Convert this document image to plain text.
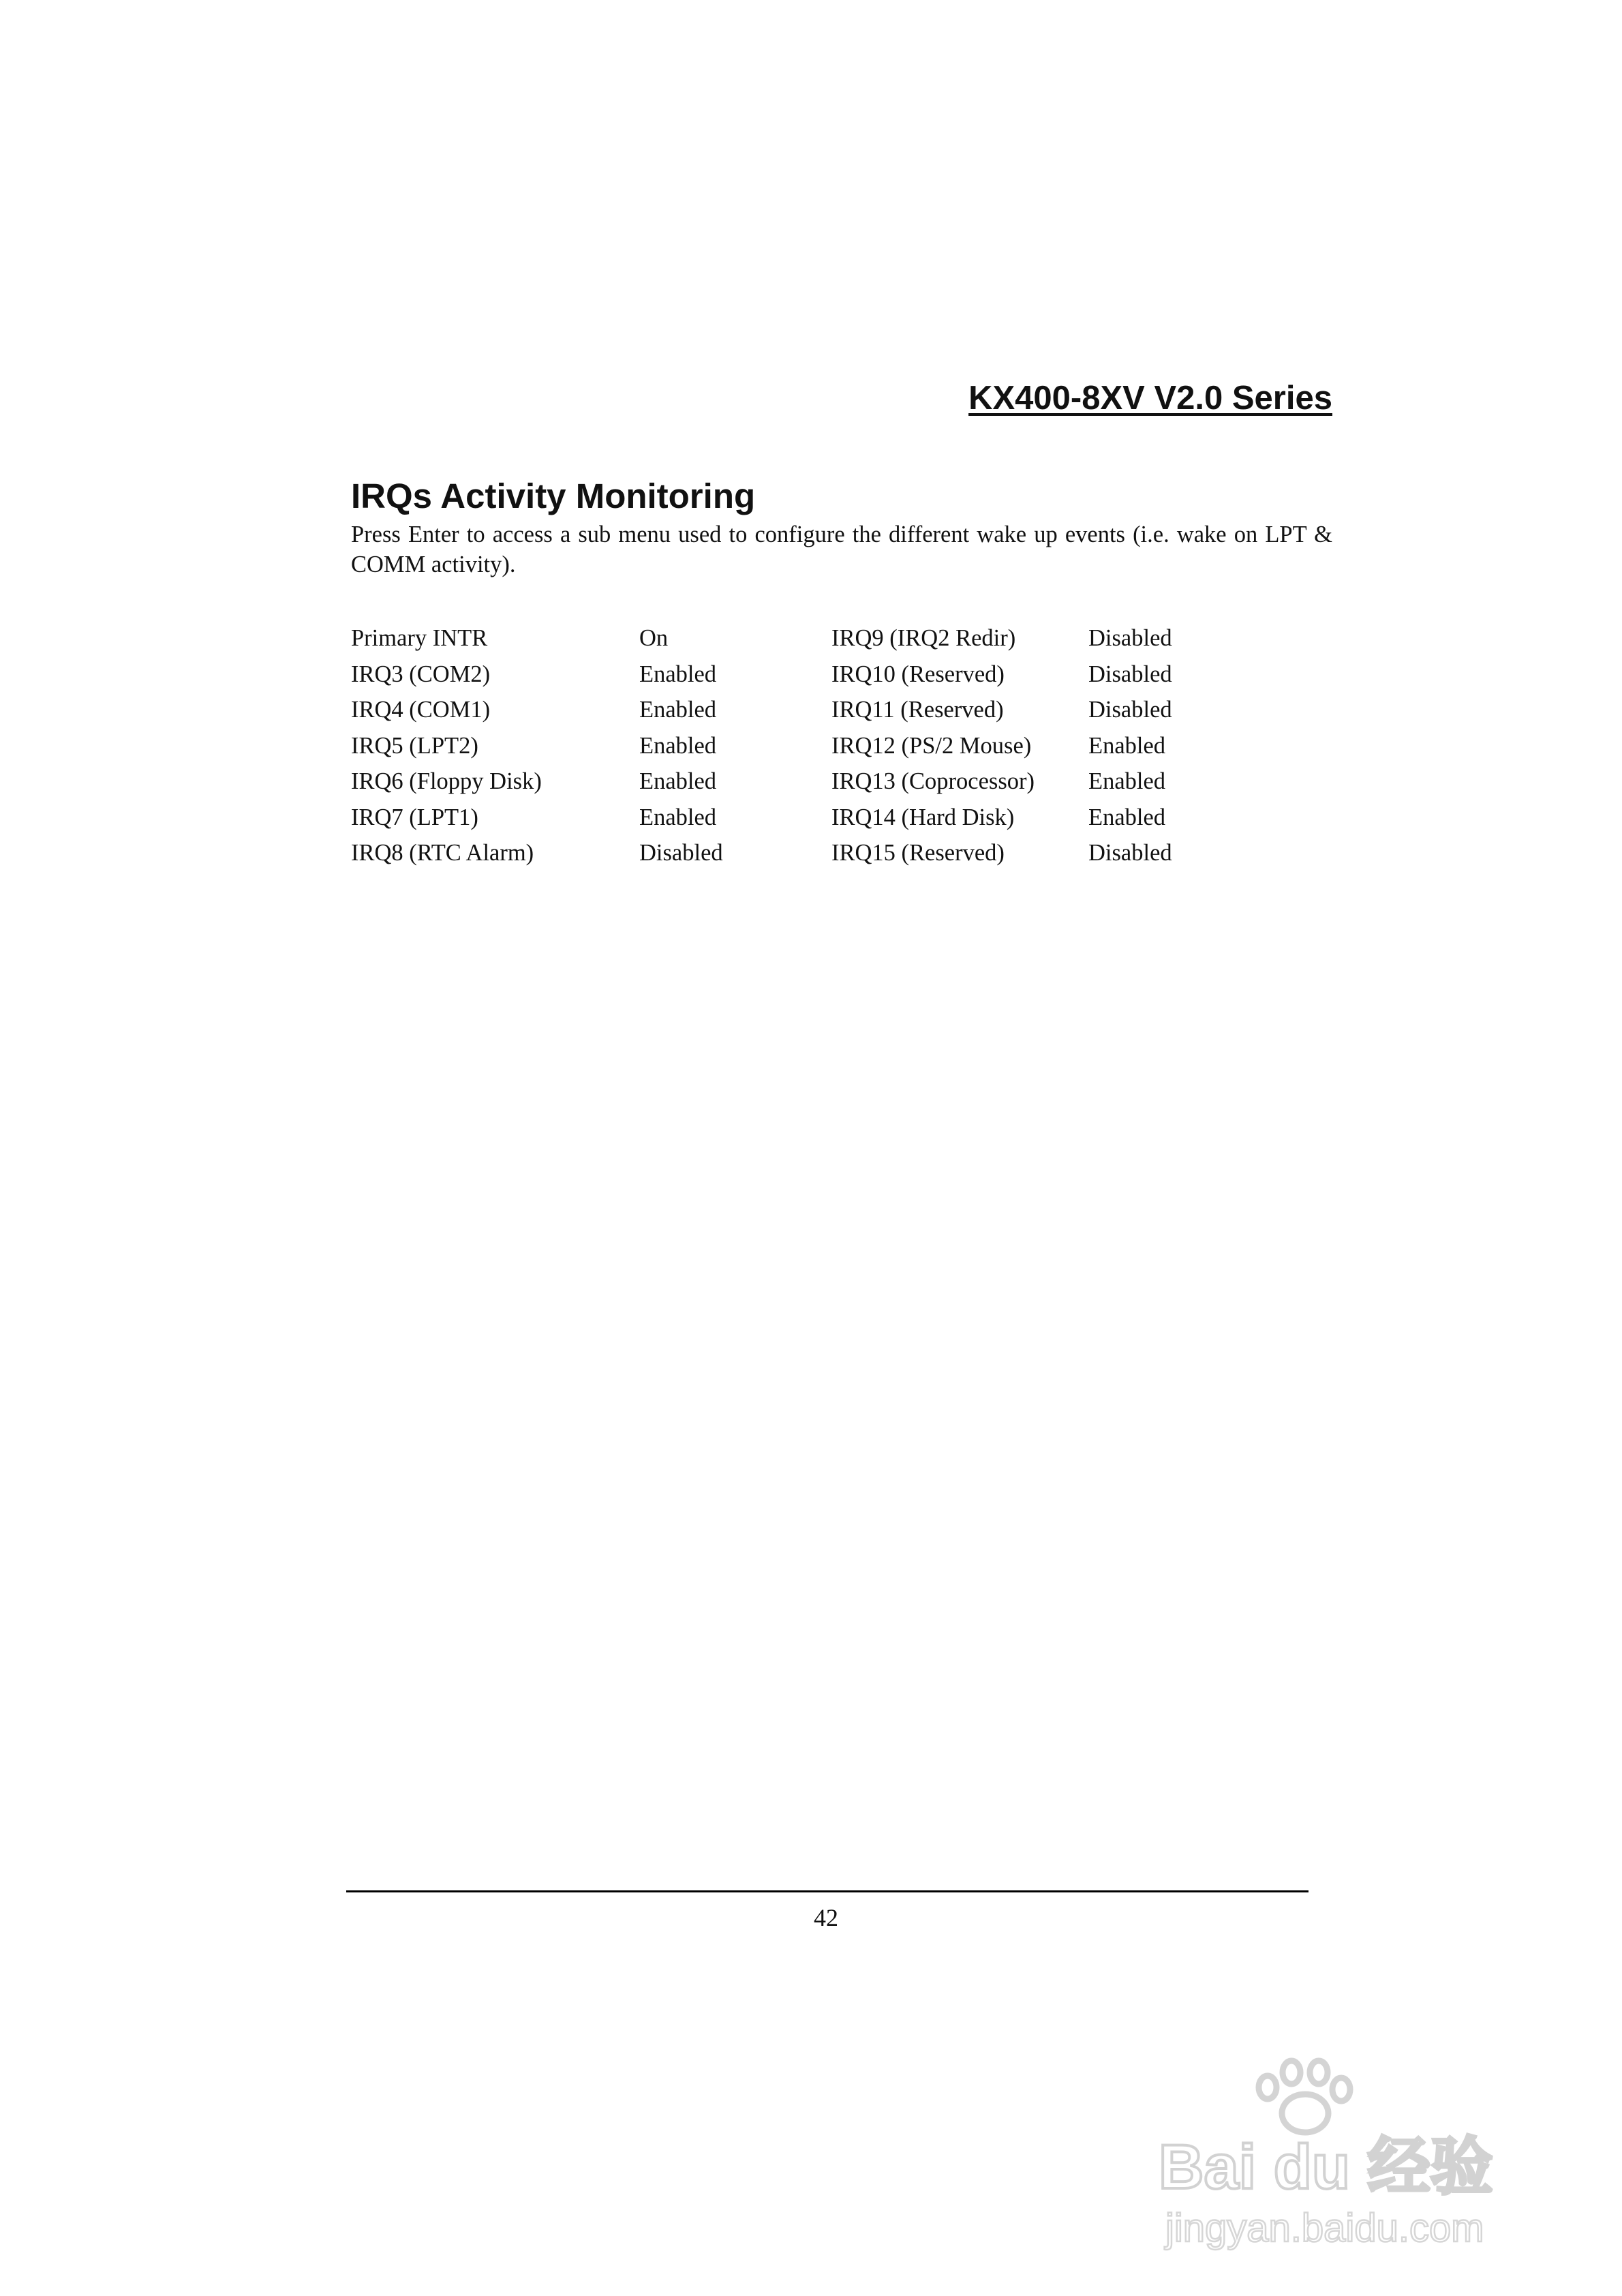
KX400-8XV V2.0 Series
IRQs Activity Monitoring

Press Enter to access a sub menu used to configure the different wake up events (i.e. wake on LPT & COMM activity).

Primary INTR	On	IRQ9 (IRQ2 Redir)	Disabled
IRQ3 (COM2)	Enabled	IRQ10 (Reserved)	Disabled
IRQ4 (COM1)	Enabled	IRQ11 (Reserved)	Disabled
IRQ5 (LPT2)	Enabled	IRQ12 (PS/2 Mouse)	Enabled
IRQ6 (Floppy Disk)	Enabled	IRQ13 (Coprocessor)	Enabled
IRQ7 (LPT1)	Enabled	IRQ14 (Hard Disk)	Enabled
IRQ8 (RTC Alarm)	Disabled	IRQ15 (Reserved)	Disabled
42
Bai du 经验
jingyan.baidu.com
